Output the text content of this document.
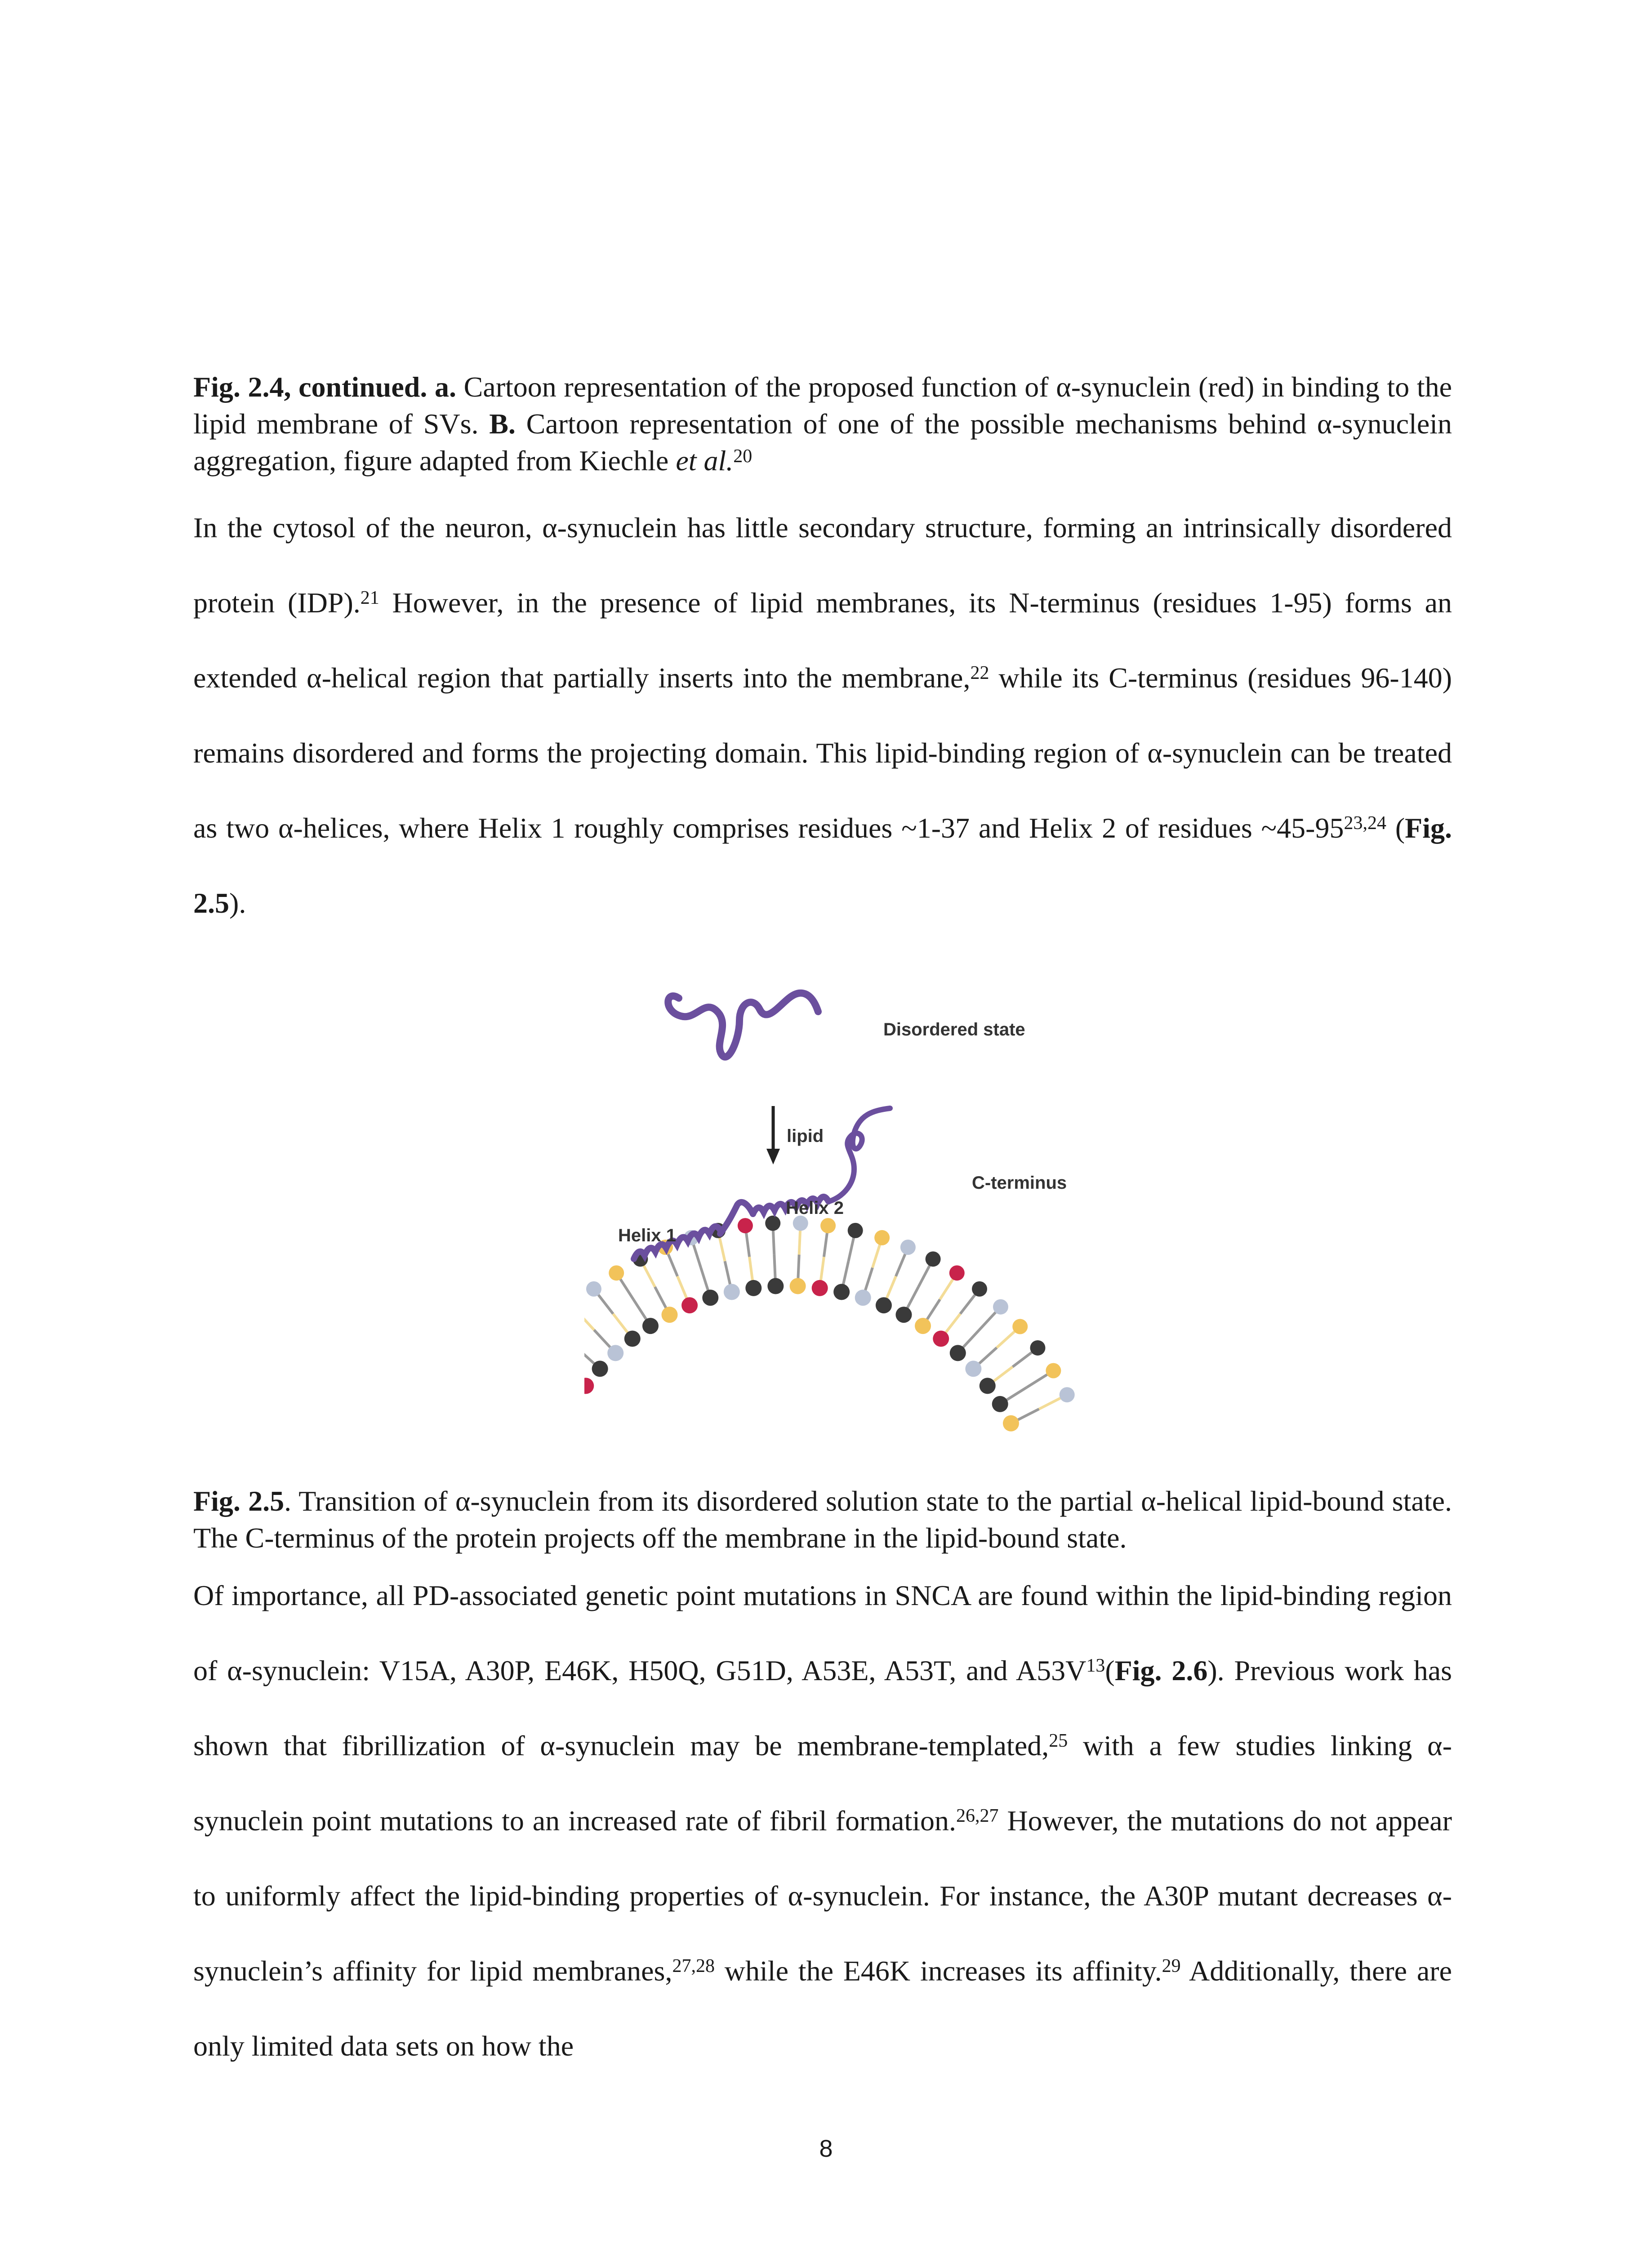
Fig. 2.4, continued. a. Cartoon representation of the proposed function of α-synuclein (red) in binding to the lipid membrane of SVs. B. Cartoon representation of one of the possible mechanisms behind α-synuclein aggregation, figure adapted from Kiechle et al.$^{20}$
In the cytosol of the neuron, α-synuclein has little secondary structure, forming an intrinsically disordered protein (IDP).$^{21}$ However, in the presence of lipid membranes, its N-terminus (residues 1-95) forms an extended α-helical region that partially inserts into the membrane,$^{22}$ while its C-terminus (residues 96-140) remains disordered and forms the projecting domain. This lipid-binding region of α-synuclein can be treated as two α-helices, where Helix 1 roughly comprises residues ~1-37 and Helix 2 of residues ~45-95$^{23,24}$ (Fig. 2.5).
Disordered state
lipid
Helix 1
Helix 2
C-terminus
Fig. 2.5. Transition of α-synuclein from its disordered solution state to the partial α-helical lipid-bound state. The C-terminus of the protein projects off the membrane in the lipid-bound state.
Of importance, all PD-associated genetic point mutations in SNCA are found within the lipid-binding region of α-synuclein: V15A, A30P, E46K, H50Q, G51D, A53E, A53T, and A53V$^{13}$(Fig. 2.6). Previous work has shown that fibrillization of α-synuclein may be membrane-templated,$^{25}$ with a few studies linking α-synuclein point mutations to an increased rate of fibril formation.$^{26,27}$ However, the mutations do not appear to uniformly affect the lipid-binding properties of α-synuclein. For instance, the A30P mutant decreases α-synuclein’s affinity for lipid membranes,$^{27,28}$ while the E46K increases its affinity.$^{29}$ Additionally, there are only limited data sets on how the
8
